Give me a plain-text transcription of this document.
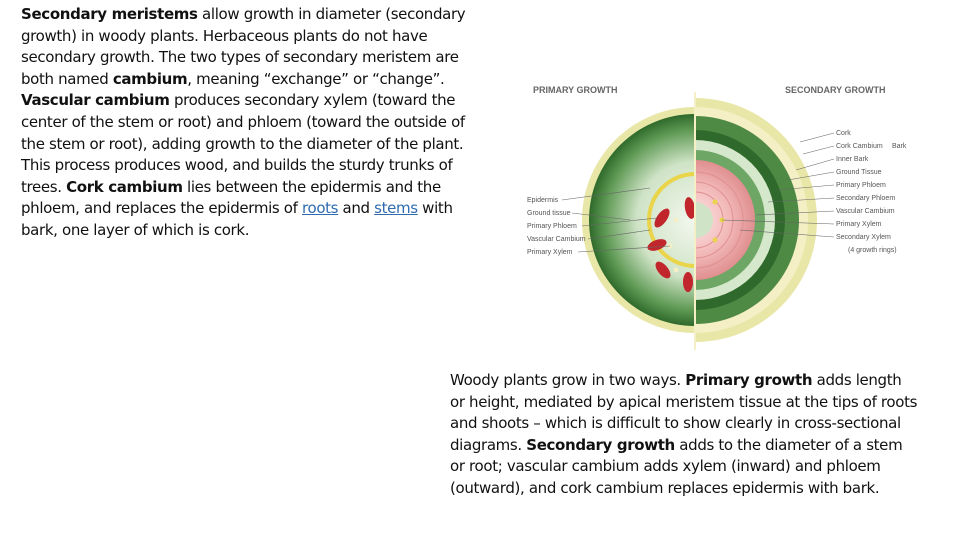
Secondary meristems allow growth in diameter (secondary growth) in woody plants. Herbaceous plants do not have secondary growth. The two types of secondary meristem are both named cambium, meaning “exchange” or “change”. Vascular cambium produces secondary xylem (toward the center of the stem or root) and phloem (toward the outside of the stem or root), adding growth to the diameter of the plant. This process produces wood, and builds the sturdy trunks of trees. Cork cambium lies between the epidermis and the phloem, and replaces the epidermis of roots and stems with bark, one layer of which is cork.

PRIMARY GROWTH	SECONDARY GROWTH
Epidermis
Ground tissue
Primary Phloem
Vascular Cambium
Primary Xylem
Cork
Cork Cambium Bark
Inner Bark
Ground Tissue
Primary Phloem
Secondary Phloem
Vascular Cambium
Primary Xylem
Secondary Xylem
(4 growth rings)

Woody plants grow in two ways. Primary growth adds length or height, mediated by apical meristem tissue at the tips of roots and shoots – which is difficult to show clearly in cross-sectional diagrams. Secondary growth adds to the diameter of a stem or root; vascular cambium adds xylem (inward) and phloem (outward), and cork cambium replaces epidermis with bark.
